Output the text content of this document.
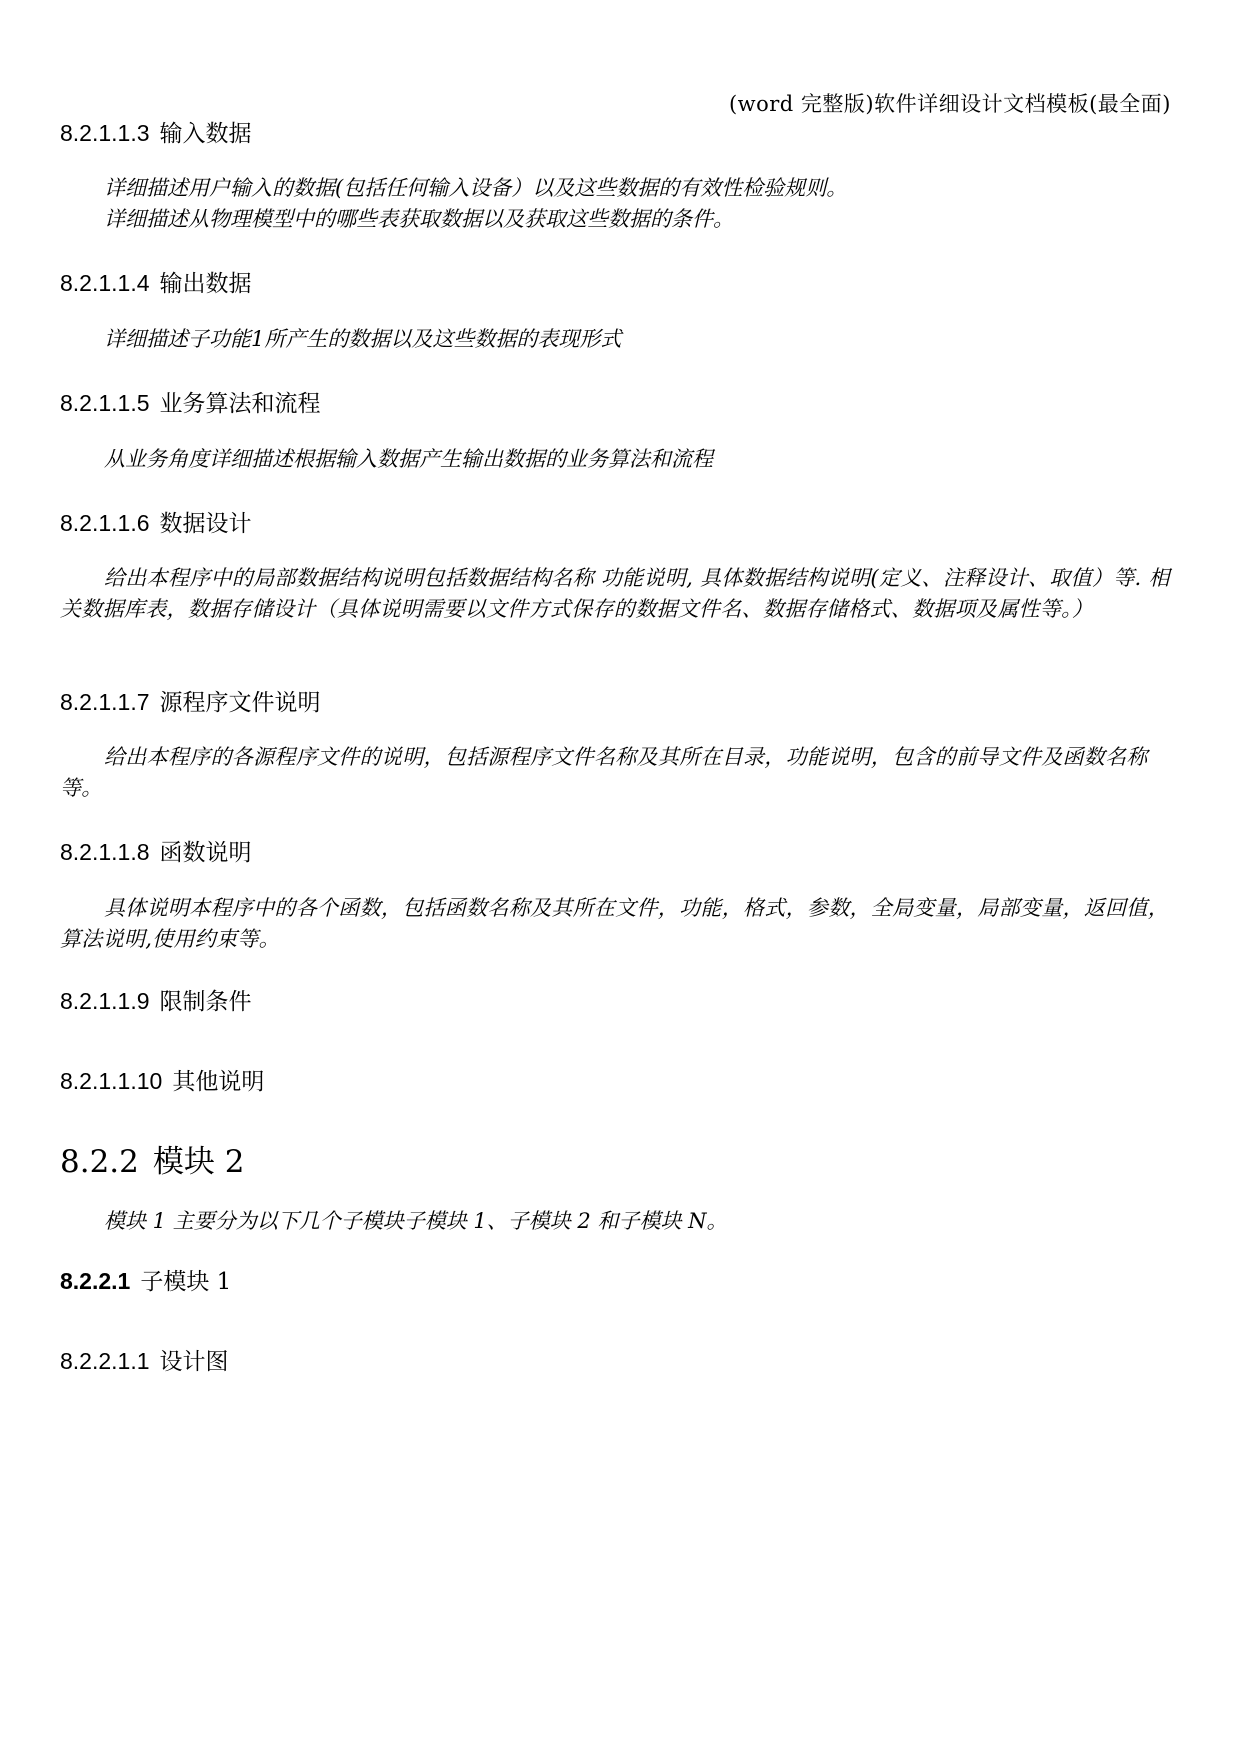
(word 完整版)软件详细设计文档模板(最全面)
8.2.1.1.3 输入数据
详细描述用户输入的数据(包括任何输入设备）以及这些数据的有效性检验规则。
详细描述从物理模型中的哪些表获取数据以及获取这些数据的条件。
8.2.1.1.4 输出数据
详细描述子功能1所产生的数据以及这些数据的表现形式
8.2.1.1.5 业务算法和流程
从业务角度详细描述根据输入数据产生输出数据的业务算法和流程
8.2.1.1.6 数据设计
给出本程序中的局部数据结构说明包括数据结构名称 功能说明, 具体数据结构说明(定义、注释设计、取值）等. 相关数据库表，数据存储设计（具体说明需要以文件方式保存的数据文件名、数据存储格式、数据项及属性等。）
8.2.1.1.7 源程序文件说明
给出本程序的各源程序文件的说明，包括源程序文件名称及其所在目录，功能说明，包含的前导文件及函数名称等。
8.2.1.1.8 函数说明
具体说明本程序中的各个函数，包括函数名称及其所在文件，功能，格式，参数，全局变量，局部变量，返回值，算法说明,使用约束等。
8.2.1.1.9 限制条件
8.2.1.1.10 其他说明
8.2.2 模块 2
模块 1 主要分为以下几个子模块子模块 1、子模块 2 和子模块 N。
8.2.2.1 子模块 1
8.2.2.1.1 设计图
